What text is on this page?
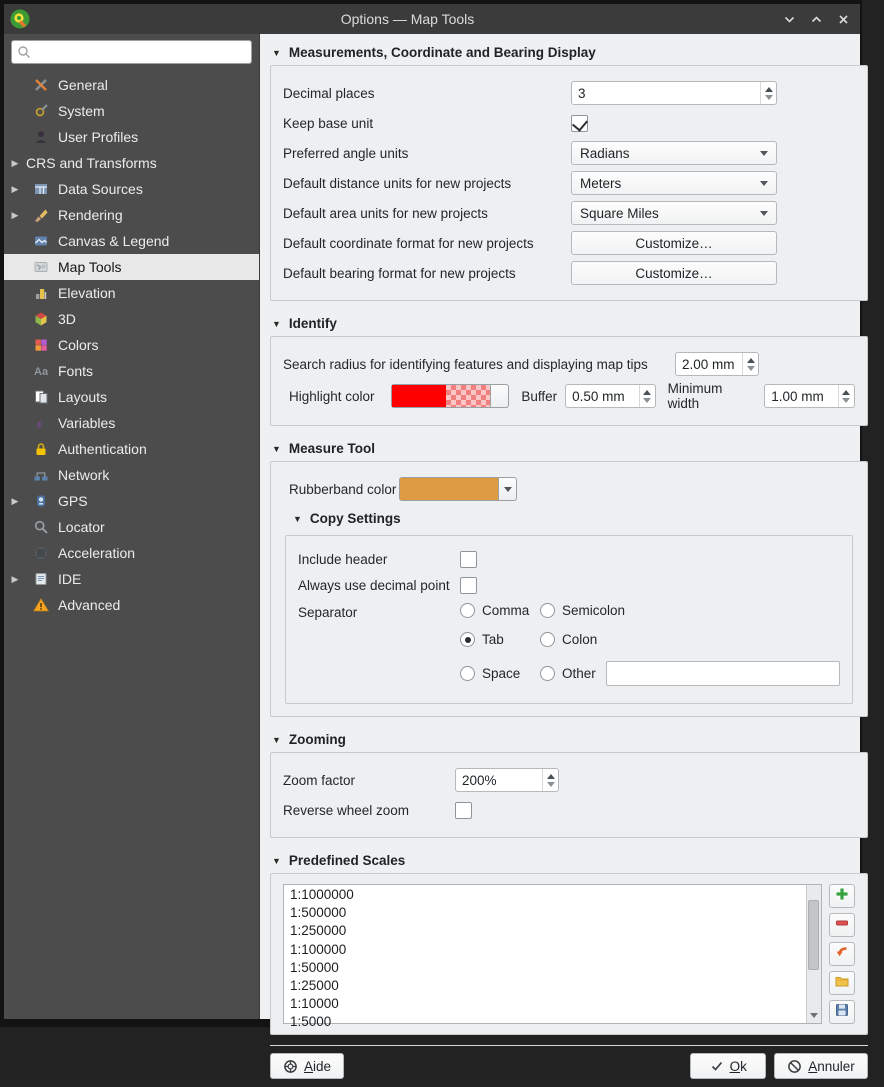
Options — Map Tools
General
System
User Profiles
▶ CRS and Transforms
▶	Data Sources
▶	Rendering
Canvas & Legend
Map Tools
Elevation
3D
Colors
Aa Fonts
Layouts
ε Variables
Authentication
Network
▶	GPS
Locator
Acceleration
▶	IDE
Advanced
▼ Measurements, Coordinate and Bearing Display
Decimal places	3
Keep base unit
Preferred angle units	Radians
Default distance units for new projects	Meters
Default area units for new projects	Square Miles
Default coordinate format for new projects	Customize…
Default bearing format for new projects	Customize…
▼ Identify
Search radius for identifying features and displaying map tips	2.00 mm
Highlight color	Buffer	0.50 mm	Minimum width	1.00 mm
▼ Measure Tool
Rubberband color
▼ Copy Settings
Include header
Always use decimal point
Separator	Comma Semicolon
Tab	Colon
Space	Other
▼ Zooming
Zoom factor	200%
Reverse wheel zoom
▼ Predefined Scales
1:1000000
1:500000
1:250000
1:100000
1:50000
1:25000
1:10000
1:5000
Aide	Ok	Annuler
